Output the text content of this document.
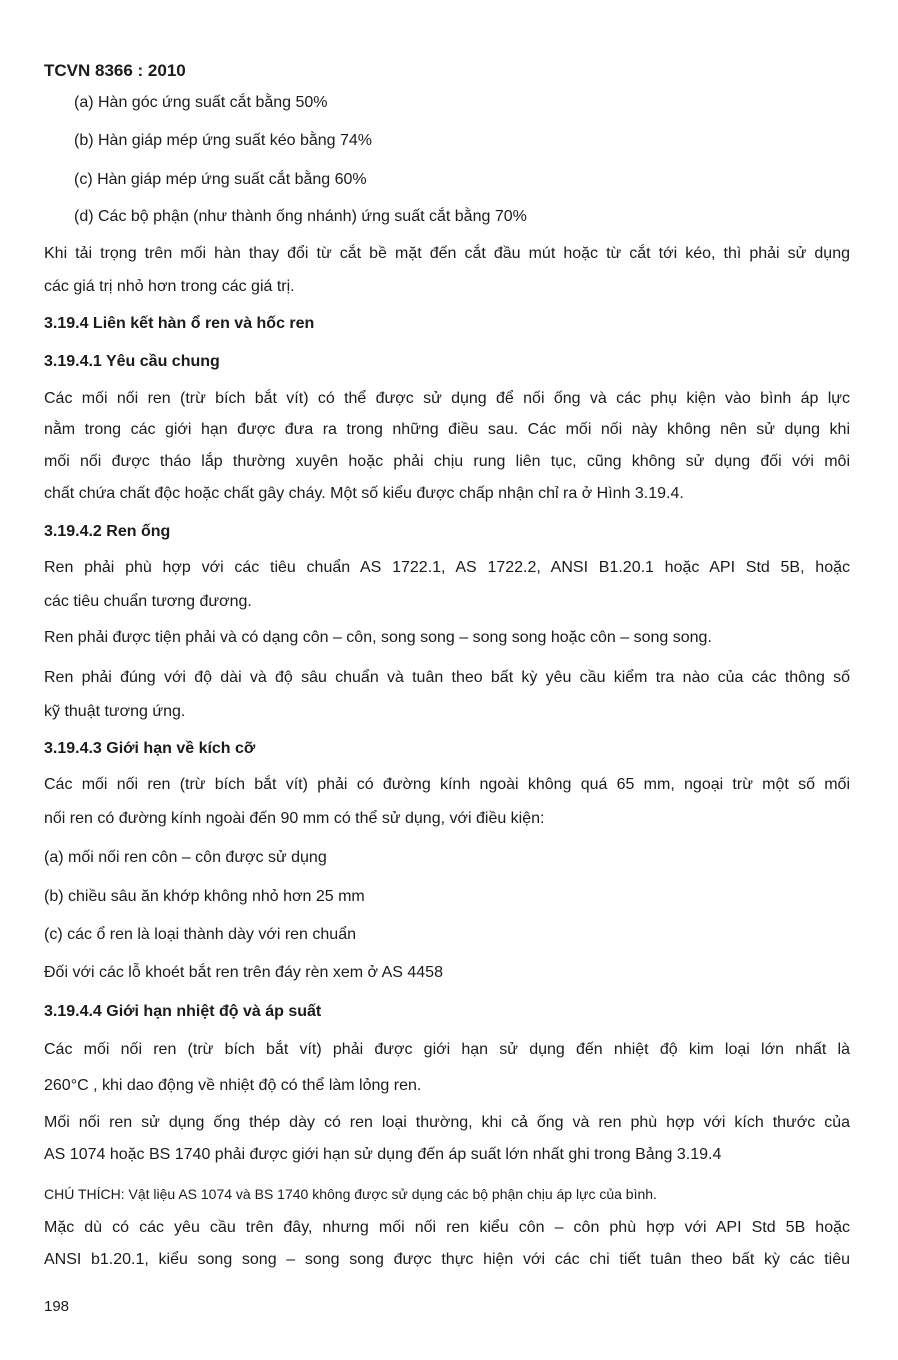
TCVN 8366 : 2010
(a) Hàn góc ứng suất cắt bằng 50%
(b) Hàn giáp mép ứng suất kéo bằng 74%
(c) Hàn giáp mép ứng suất cắt bằng 60%
(d) Các bộ phận (như thành ống nhánh) ứng suất cắt bằng 70%
Khi tải trọng trên mối hàn thay đổi từ cắt bề mặt đến cắt đầu mút hoặc từ cắt tới kéo, thì phải sử dụng
các giá trị nhỏ hơn trong các giá trị.
3.19.4 Liên kết hàn ổ ren và hốc ren
3.19.4.1 Yêu cầu chung
Các mối nối ren (trừ bích bắt vít) có thể được sử dụng để nối ống và các phụ kiện vào bình áp lực
nằm trong các giới hạn được đưa ra trong những điều sau. Các mối nối này không nên sử dụng khi
mối nối được tháo lắp thường xuyên hoặc phải chịu rung liên tục, cũng không sử dụng đối với môi
chất chứa chất độc hoặc chất gây cháy. Một số kiểu được chấp nhận chỉ ra ở Hình 3.19.4.
3.19.4.2 Ren ống
Ren phải phù hợp với các tiêu chuẩn AS 1722.1, AS 1722.2, ANSI B1.20.1 hoặc API Std 5B, hoặc
các tiêu chuẩn tương đương.
Ren phải được tiện phải và có dạng côn – côn, song song – song song hoặc côn – song song.
Ren phải đúng với độ dài và độ sâu chuẩn và tuân theo bất kỳ yêu cầu kiểm tra nào của các thông số
kỹ thuật tương ứng.
3.19.4.3 Giới hạn về kích cỡ
Các mối nối ren (trừ bích bắt vít) phải có đường kính ngoài không quá 65 mm, ngoại trừ một số mối
nối ren có đường kính ngoài đến 90 mm có thể sử dụng, với điều kiện:
(a) mối nối ren côn – côn được sử dụng
(b) chiều sâu ăn khớp không nhỏ hơn 25 mm
(c) các ổ ren là loại thành dày với ren chuẩn
Đối với các lỗ khoét bắt ren trên đáy rèn xem ở AS 4458
3.19.4.4 Giới hạn nhiệt độ và áp suất
Các mối nối ren (trừ bích bắt vít) phải được giới hạn sử dụng đến nhiệt độ kim loại lớn nhất là
260°C , khi dao động về nhiệt độ có thể làm lỏng ren.
Mối nối ren sử dụng ống thép dày có ren loại thường, khi cả ống và ren phù hợp với kích thước của
AS 1074 hoặc BS 1740 phải được giới hạn sử dụng đến áp suất lớn nhất ghi trong Bảng 3.19.4
CHÚ THÍCH: Vật liệu AS 1074 và BS 1740 không được sử dụng các bộ phận chịu áp lực của bình.
Mặc dù có các yêu cầu trên đây, nhưng mối nối ren kiểu côn – côn phù hợp với API Std 5B hoặc
ANSI b1.20.1, kiểu song song – song song được thực hiện với các chi tiết tuân theo bất kỳ các tiêu
198
